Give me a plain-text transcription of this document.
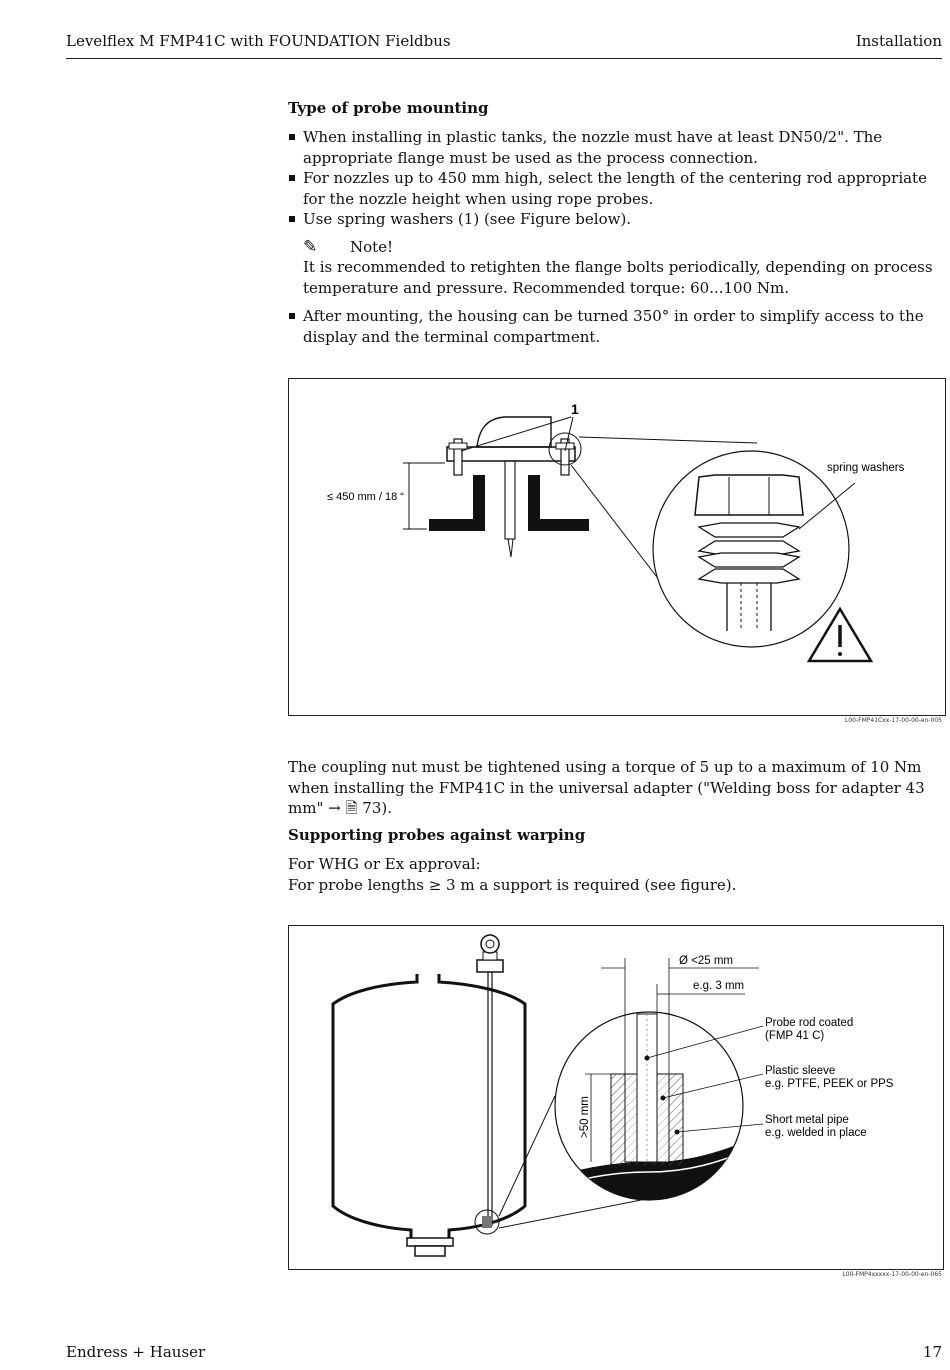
Levelflex M FMP41C with FOUNDATION Fieldbus	Installation
Type of probe mounting
When installing in plastic tanks, the nozzle must have at least DN50/2". The appropriate flange must be used as the process connection.
For nozzles up to 450 mm high, select the length of the centering rod appropriate for the nozzle height when using rope probes.
Use spring washers (1) (see Figure below).
✎	Note!
It is recommended to retighten the flange bolts periodically, depending on process temperature and pressure. Recommended torque: 60...100 Nm.
After mounting, the housing can be turned 350° in order to simplify access to the display and the terminal compartment.
1
≤ 450 mm / 18 “
spring washers
L00-FMP41Cxx-17-00-00-en-005
The coupling nut must be tightened using a torque of 5 up to a maximum of 10 Nm when installing the FMP41C in the universal adapter ("Welding boss for adapter 43 mm" → 🗎 73).
Supporting probes against warping
For WHG or Ex approval:
For probe lengths ≥ 3 m a support is required (see figure).
Ø <25 mm
e.g. 3 mm
>50 mm
Probe rod coated
(FMP 41 C)
Plastic sleeve
e.g. PTFE, PEEK or PPS
Short metal pipe
e.g. welded in place
L00-FMP4xxxxx-17-00-00-en-065
Endress + Hauser	17
